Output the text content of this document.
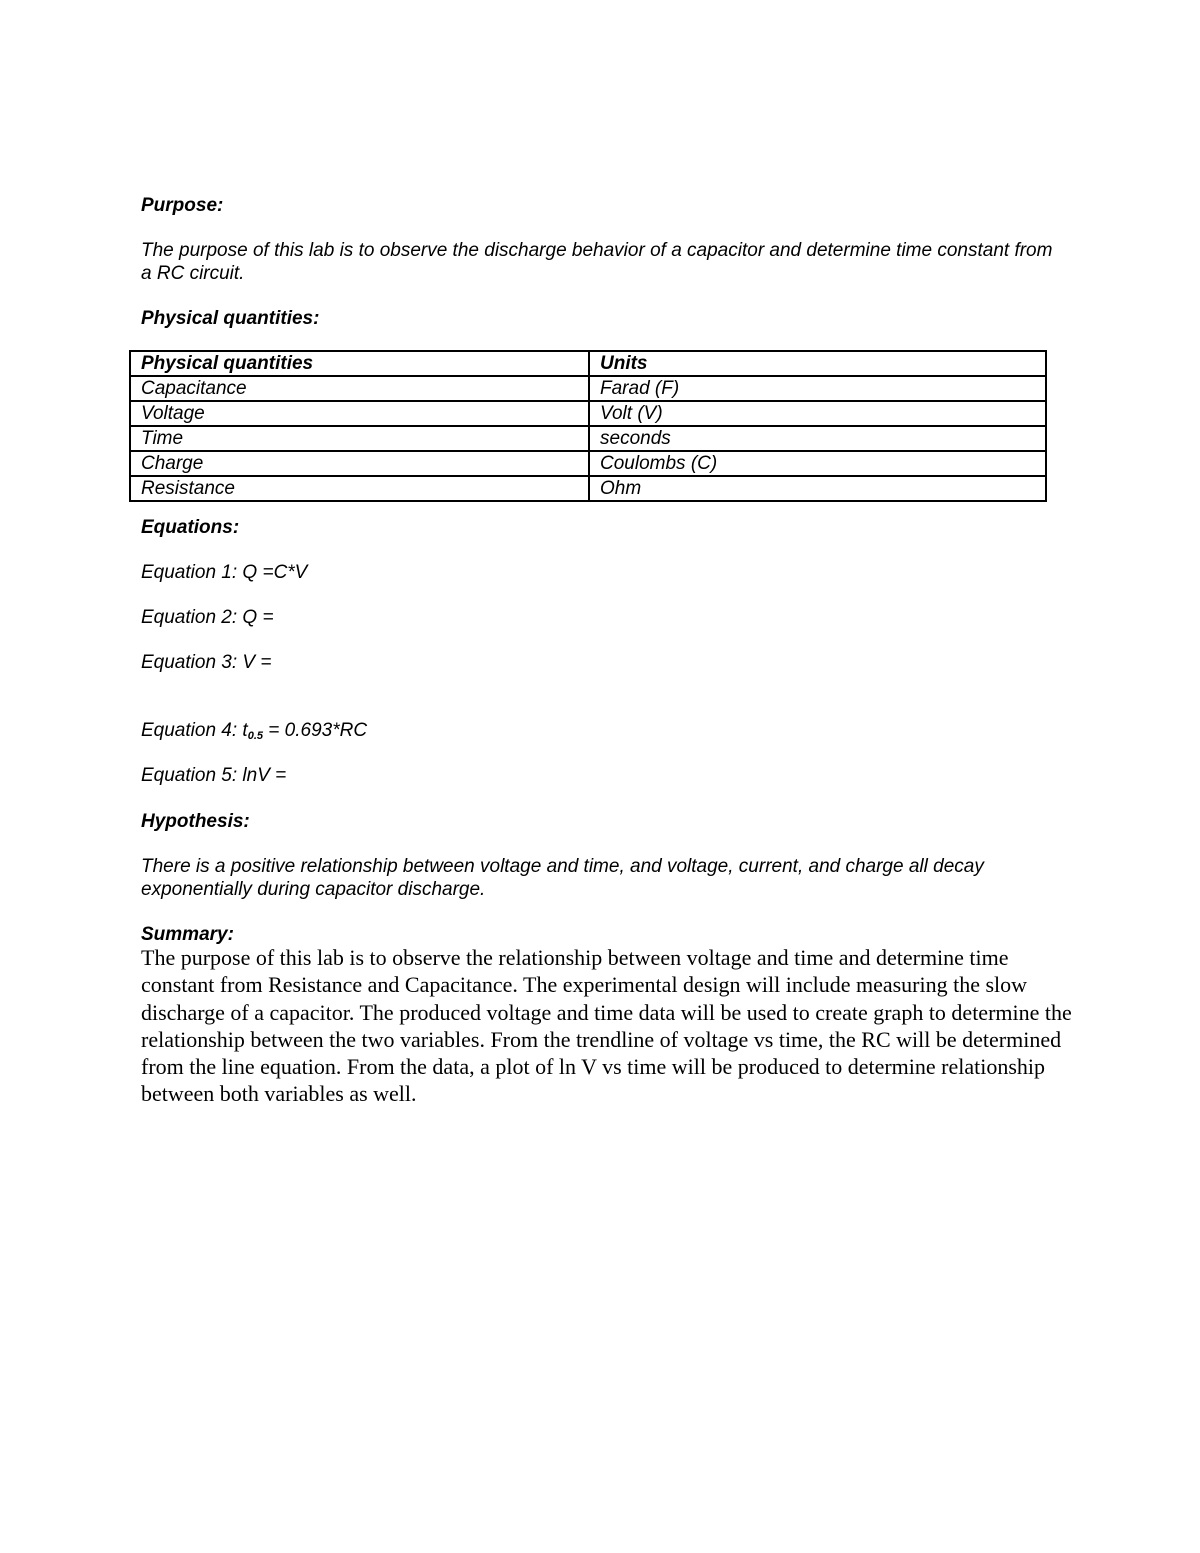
Purpose:

The purpose of this lab is to observe the discharge behavior of a capacitor and determine time constant from a RC circuit.

Physical quantities:

Physical quantities	Units
Capacitance	Farad (F)
Voltage	Volt (V)
Time	seconds
Charge	Coulombs (C)
Resistance	Ohm

Equations:

Equation 1: Q =C*V

Equation 2: Q =

Equation 3: V =

Equation 4: $t_{0.5} = 0.693*RC$

Equation 5: lnV =

Hypothesis:

There is a positive relationship between voltage and time, and voltage, current, and charge all decay exponentially during capacitor discharge.

Summary:

The purpose of this lab is to observe the relationship between voltage and time and determine time constant from Resistance and Capacitance. The experimental design will include measuring the slow discharge of a capacitor. The produced voltage and time data will be used to create graph to determine the relationship between the two variables. From the trendline of voltage vs time, the RC will be determined from the line equation. From the data, a plot of ln V vs time will be produced to determine relationship between both variables as well.
